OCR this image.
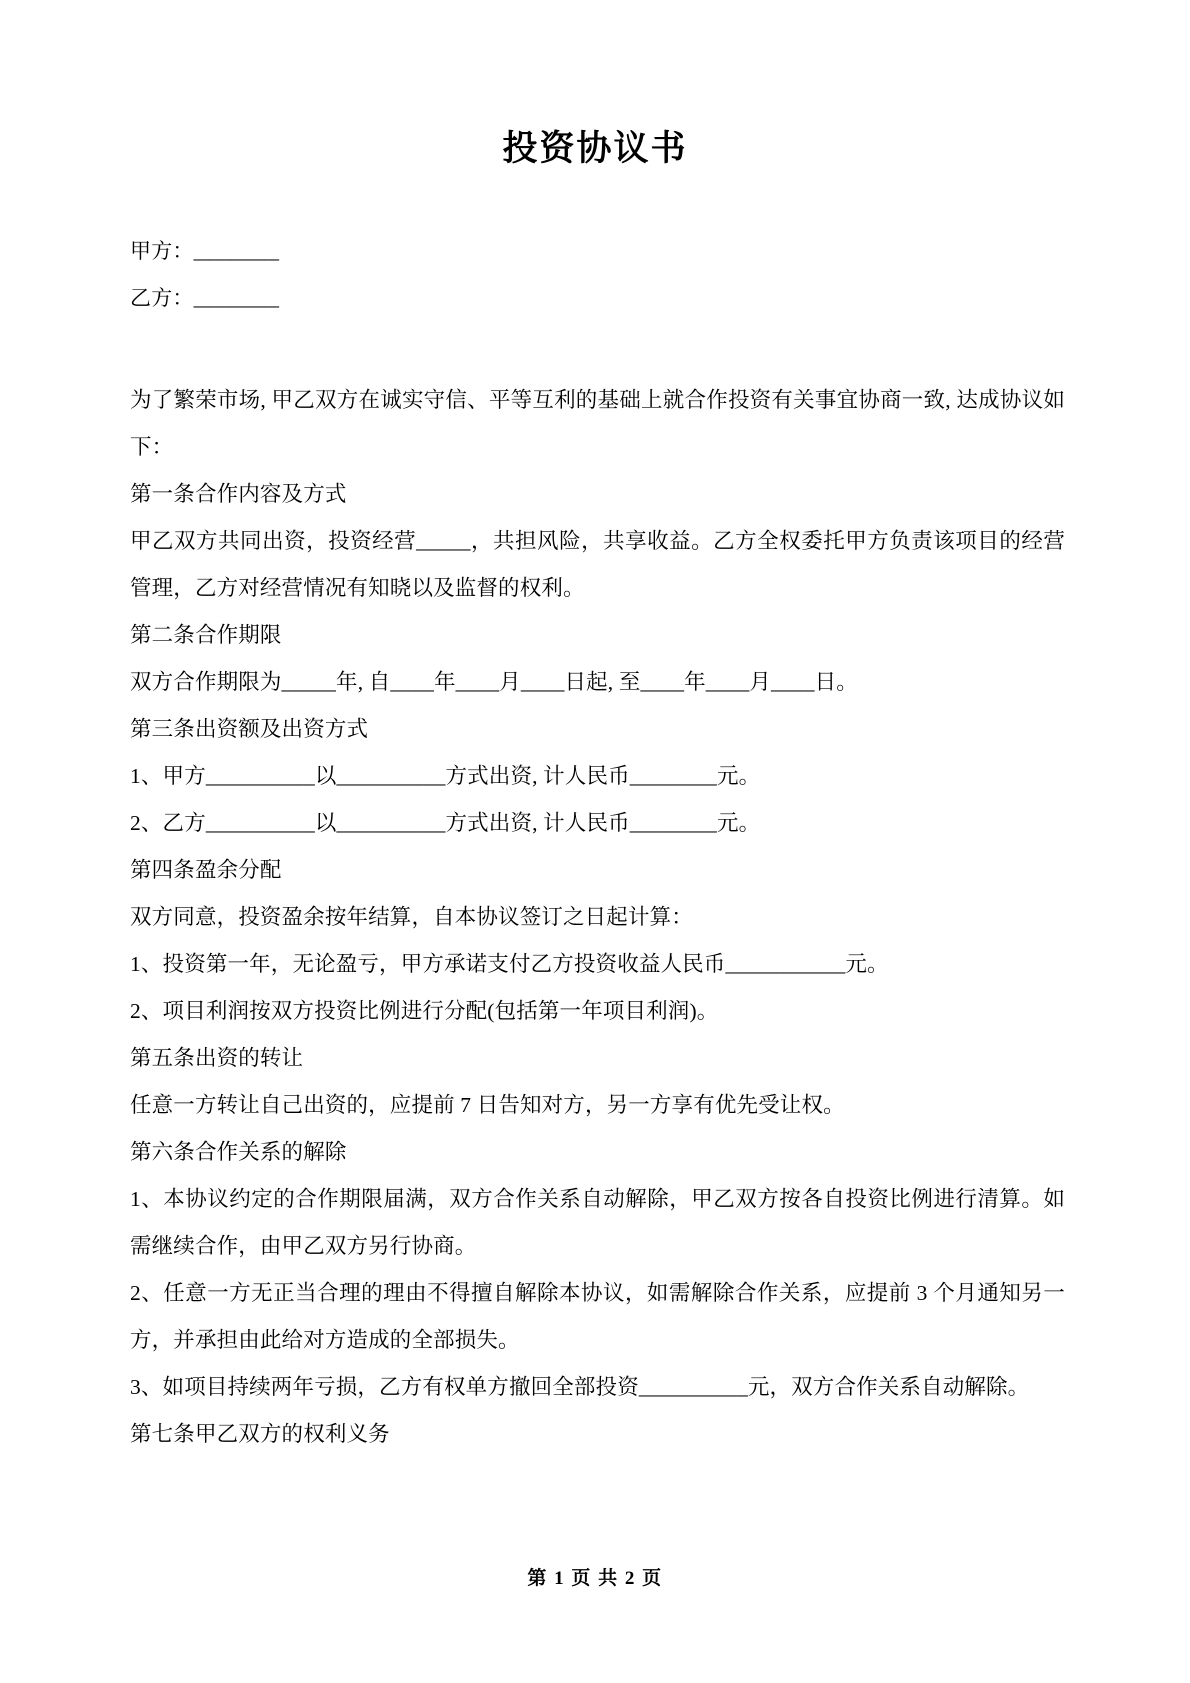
投资协议书
甲方：________
乙方：________

为了繁荣市场, 甲乙双方在诚实守信、平等互利的基础上就合作投资有关事宜协商一致, 达成协议如下：

第一条合作内容及方式

甲乙双方共同出资，投资经营_____，共担风险，共享收益。乙方全权委托甲方负责该项目的经营管理，乙方对经营情况有知晓以及监督的权利。

第二条合作期限

双方合作期限为_____年, 自____年____月____日起, 至____年____月____日。

第三条出资额及出资方式

1、甲方__________以__________方式出资, 计人民币________元。

2、乙方__________以__________方式出资, 计人民币________元。

第四条盈余分配

双方同意，投资盈余按年结算，自本协议签订之日起计算：

1、投资第一年，无论盈亏，甲方承诺支付乙方投资收益人民币___________元。

2、项目利润按双方投资比例进行分配(包括第一年项目利润)。

第五条出资的转让

任意一方转让自己出资的，应提前 7 日告知对方，另一方享有优先受让权。

第六条合作关系的解除

1、本协议约定的合作期限届满，双方合作关系自动解除，甲乙双方按各自投资比例进行清算。如需继续合作，由甲乙双方另行协商。

2、任意一方无正当合理的理由不得擅自解除本协议，如需解除合作关系，应提前 3 个月通知另一方，并承担由此给对方造成的全部损失。

3、如项目持续两年亏损，乙方有权单方撤回全部投资__________元，双方合作关系自动解除。

第七条甲乙双方的权利义务

第 1 页 共 2 页
